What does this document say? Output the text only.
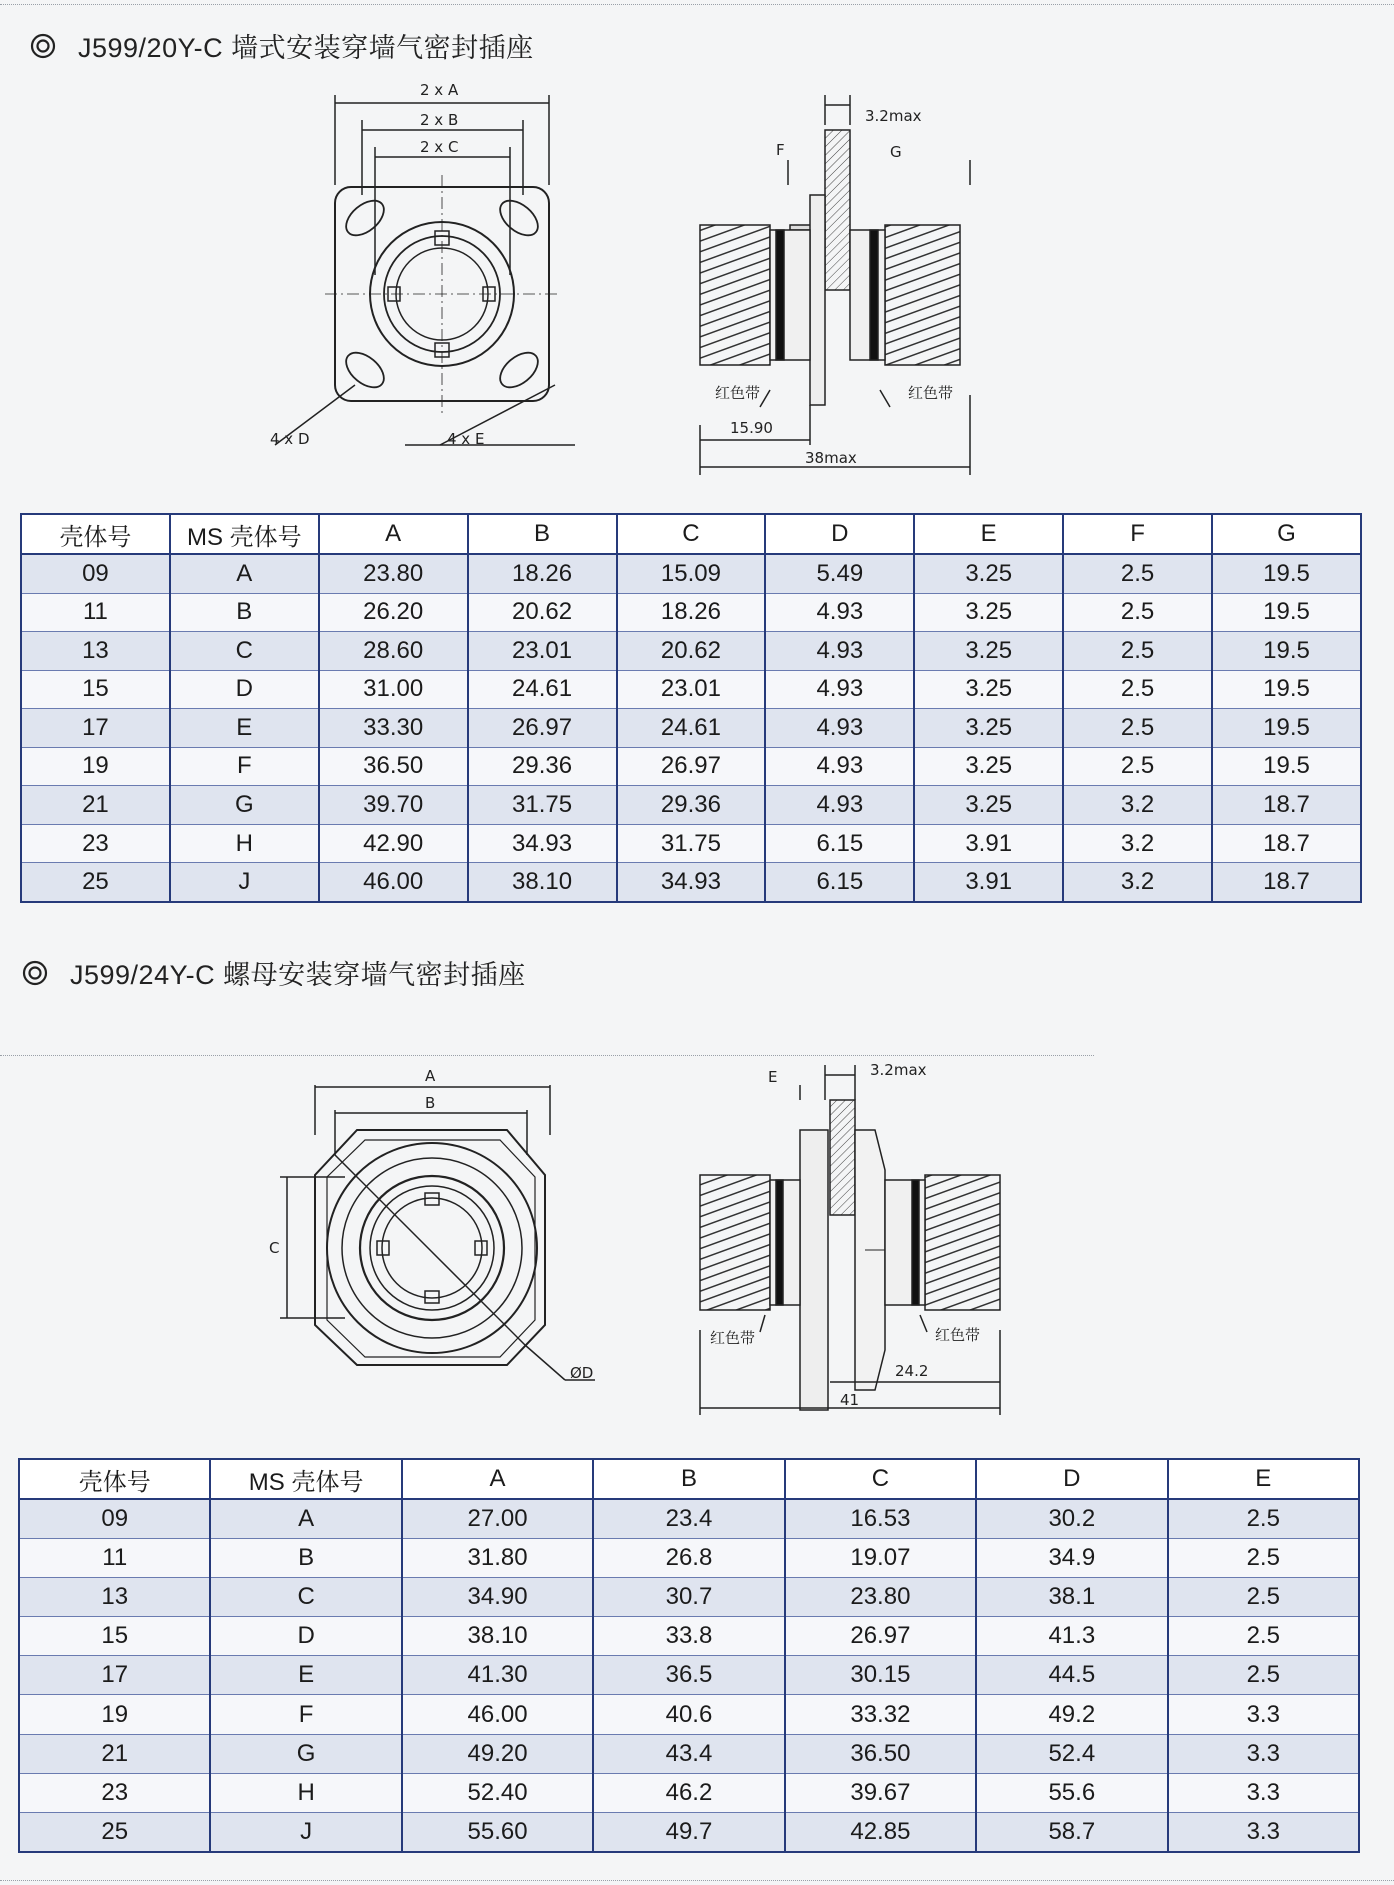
J599/20Y-C 墙式安装穿墙气密封插座
2 x A
2 x B
2 x C
4 x D	4 x E
3.2max
F	G
红色带	红色带
15.90
38max
壳体号	MS 壳体号	A	B	C	D	E	F	G
09	A	23.80	18.26	15.09	5.49	3.25	2.5	19.5
11	B	26.20	20.62	18.26	4.93	3.25	2.5	19.5
13	C	28.60	23.01	20.62	4.93	3.25	2.5	19.5
15	D	31.00	24.61	23.01	4.93	3.25	2.5	19.5
17	E	33.30	26.97	24.61	4.93	3.25	2.5	19.5
19	F	36.50	29.36	26.97	4.93	3.25	2.5	19.5
21	G	39.70	31.75	29.36	4.93	3.25	3.2	18.7
23	H	42.90	34.93	31.75	6.15	3.91	3.2	18.7
25	J	46.00	38.10	34.93	6.15	3.91	3.2	18.7
J599/24Y-C 螺母安装穿墙气密封插座
A
B
C
ØD
3.2max
E
红色带	红色带
24.2
41
壳体号	MS 壳体号	A	B	C	D	E
09	A	27.00	23.4	16.53	30.2	2.5
11	B	31.80	26.8	19.07	34.9	2.5
13	C	34.90	30.7	23.80	38.1	2.5
15	D	38.10	33.8	26.97	41.3	2.5
17	E	41.30	36.5	30.15	44.5	2.5
19	F	46.00	40.6	33.32	49.2	3.3
21	G	49.20	43.4	36.50	52.4	3.3
23	H	52.40	46.2	39.67	55.6	3.3
25	J	55.60	49.7	42.85	58.7	3.3
